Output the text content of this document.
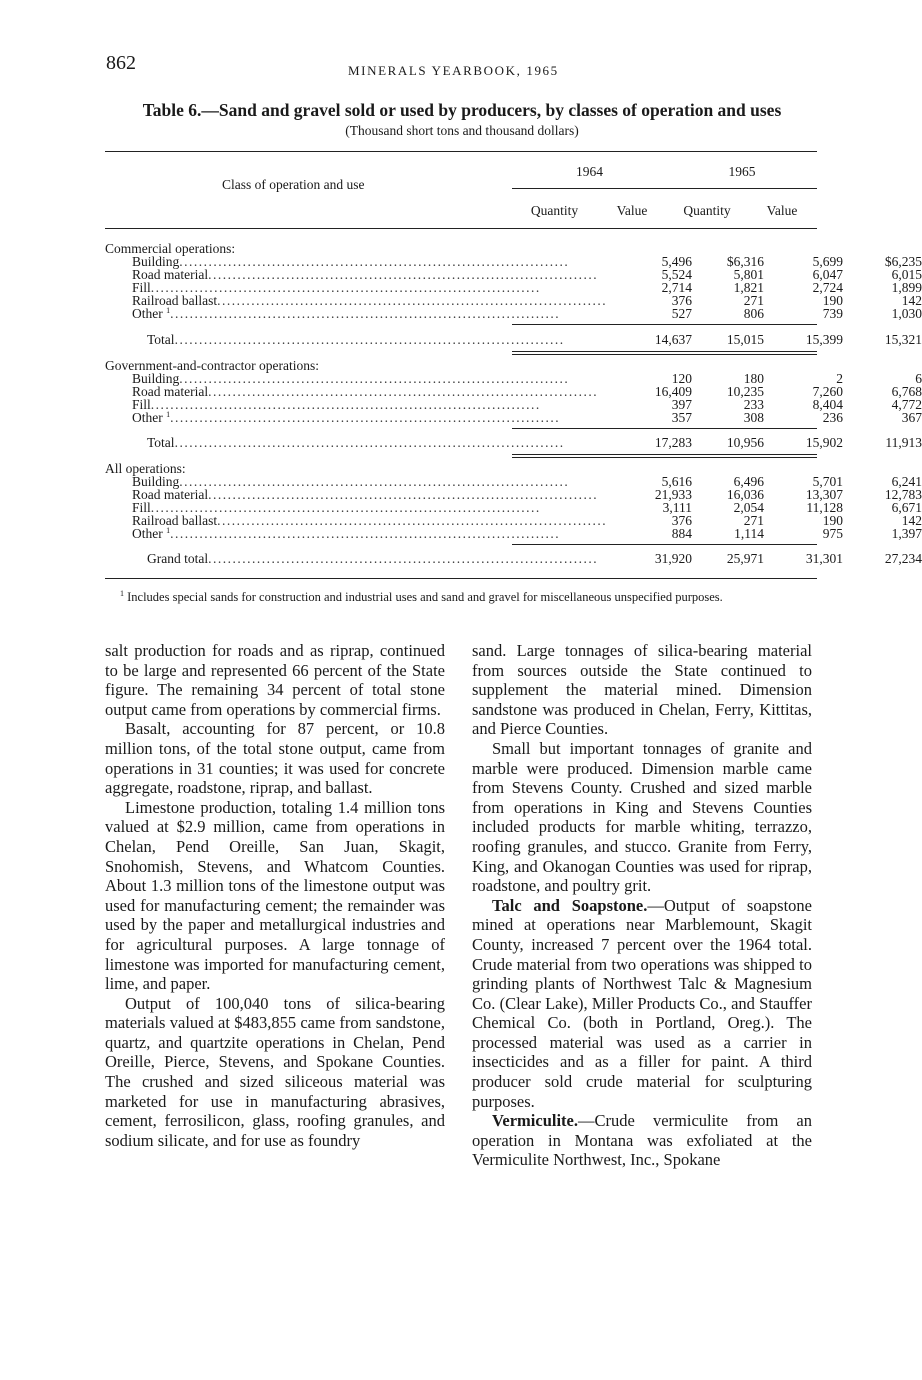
862	MINERALS YEARBOOK, 1965
Table 6.—Sand and gravel sold or used by producers, by classes of operation and uses
(Thousand short tons and thousand dollars)
Class of operation and use
1964	1965
Quantity	Value	Quantity	Value
Commercial operations:
Building................................................................................	5,496	$6,316	5,699	$6,235
Road material................................................................................	5,524	5,801	6,047	6,015
Fill................................................................................	2,714	1,821	2,724	1,899
Railroad ballast................................................................................	376	271	190	142
Other $^1$................................................................................	527	806	739	1,030
Total................................................................................	14,637	15,015	15,399	15,321
Government-and-contractor operations:
Building................................................................................	120	180	2	6
Road material................................................................................	16,409	10,235	7,260	6,768
Fill................................................................................	397	233	8,404	4,772
Other $^1$................................................................................	357	308	236	367
Total................................................................................	17,283	10,956	15,902	11,913
All operations:
Building................................................................................	5,616	6,496	5,701	6,241
Road material................................................................................	21,933	16,036	13,307	12,783
Fill................................................................................	3,111	2,054	11,128	6,671
Railroad ballast................................................................................	376	271	190	142
Other $^1$................................................................................	884	1,114	975	1,397
Grand total................................................................................	31,920	25,971	31,301	27,234
$^1$ Includes special sands for construction and industrial uses and sand and gravel for miscellaneous unspecified purposes.

salt production for roads and as riprap, continued to be large and represented 66 percent of the State figure. The remaining 34 percent of total stone output came from operations by commercial firms.

Basalt, accounting for 87 percent, or 10.8 million tons, of the total stone output, came from operations in 31 counties; it was used for concrete aggregate, roadstone, riprap, and ballast.

Limestone production, totaling 1.4 million tons valued at $2.9 million, came from operations in Chelan, Pend Oreille, San Juan, Skagit, Snohomish, Stevens, and Whatcom Counties. About 1.3 million tons of the limestone output was used for manufacturing cement; the remainder was used by the paper and metallurgical industries and for agricultural purposes. A large tonnage of limestone was imported for manufacturing cement, lime, and paper.

Output of 100,040 tons of silica-bearing materials valued at $483,855 came from sandstone, quartz, and quartzite operations in Chelan, Pend Oreille, Pierce, Stevens, and Spokane Counties. The crushed and sized siliceous material was marketed for use in manufacturing abrasives, cement, ferrosilicon, glass, roofing granules, and sodium silicate, and for use as foundry

sand. Large tonnages of silica-bearing material from sources outside the State continued to supplement the material mined. Dimension sandstone was produced in Chelan, Ferry, Kittitas, and Pierce Counties.

Small but important tonnages of granite and marble were produced. Dimension marble came from Stevens County. Crushed and sized marble from operations in King and Stevens Counties included products for marble whiting, terrazzo, roofing granules, and stucco. Granite from Ferry, King, and Okanogan Counties was used for riprap, roadstone, and poultry grit.

Talc and Soapstone.—Output of soapstone mined at operations near Marblemount, Skagit County, increased 7 percent over the 1964 total. Crude material from two operations was shipped to grinding plants of Northwest Talc & Magnesium Co. (Clear Lake), Miller Products Co., and Stauffer Chemical Co. (both in Portland, Oreg.). The processed material was used as a carrier in insecticides and as a filler for paint. A third producer sold crude material for sculpturing purposes.

Vermiculite.—Crude vermiculite from an operation in Montana was exfoliated at the Vermiculite Northwest, Inc., Spokane
